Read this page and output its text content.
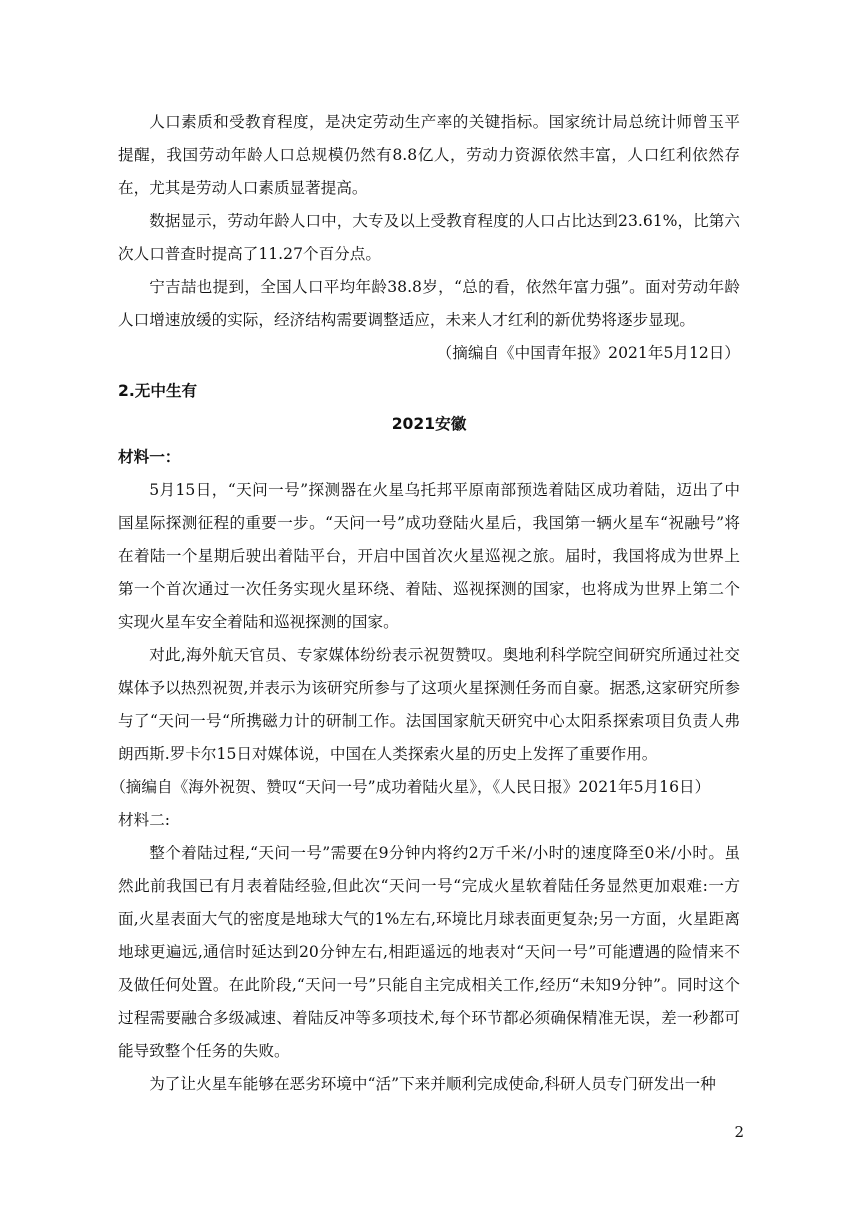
人口素质和受教育程度，是决定劳动生产率的关键指标。国家统计局总统计师曾玉平提醒，我国劳动年龄人口总规模仍然有8.8亿人，劳动力资源依然丰富，人口红利依然存在，尤其是劳动人口素质显著提高。

数据显示，劳动年龄人口中，大专及以上受教育程度的人口占比达到23.61%，比第六次人口普查时提高了11.27个百分点。

宁吉喆也提到，全国人口平均年龄38.8岁，“总的看，依然年富力强”。面对劳动年龄人口增速放缓的实际，经济结构需要调整适应，未来人才红利的新优势将逐步显现。

（摘编自《中国青年报》2021年5月12日）

2.无中生有

2021安徽

材料一：

5月15日，“天问一号”探测器在火星乌托邦平原南部预选着陆区成功着陆，迈出了中国星际探测征程的重要一步。“天问一号”成功登陆火星后，我国第一辆火星车“祝融号”将在着陆一个星期后驶出着陆平台，开启中国首次火星巡视之旅。届时，我国将成为世界上第一个首次通过一次任务实现火星环绕、着陆、巡视探测的国家，也将成为世界上第二个实现火星车安全着陆和巡视探测的国家。

对此,海外航天官员、专家媒体纷纷表示祝贺赞叹。奥地利科学院空间研究所通过社交媒体予以热烈祝贺,并表示为该研究所参与了这项火星探测任务而自豪。据悉,这家研究所参与了“天问一号“所携磁力计的研制工作。法国国家航天研究中心太阳系探索项目负责人弗朗西斯.罗卡尔15日对媒体说，中国在人类探索火星的历史上发挥了重要作用。

（摘编自《海外祝贺、赞叹“天问一号”成功着陆火星》，《人民日报》2021年5月16日）

材料二:

整个着陆过程,“天问一号”需要在9分钟内将约2万千米/小时的速度降至0米/小时。虽然此前我国已有月表着陆经验,但此次“天问一号“完成火星软着陆任务显然更加艰难:一方面,火星表面大气的密度是地球大气的1%左右,环境比月球表面更复杂;另一方面，火星距离地球更遍远,通信时延达到20分钟左右,相距遥远的地表对“天问一号”可能遭遇的险情来不及做任何处置。在此阶段,“天问一号”只能自主完成相关工作,经历“未知9分钟”。同时这个过程需要融合多级减速、着陆反冲等多项技术,每个环节都必须确保精准无误，差一秒都可能导致整个任务的失败。

为了让火星车能够在恶劣环境中“活”下来并顺利完成使命,科研人员专门研发出一种

2
